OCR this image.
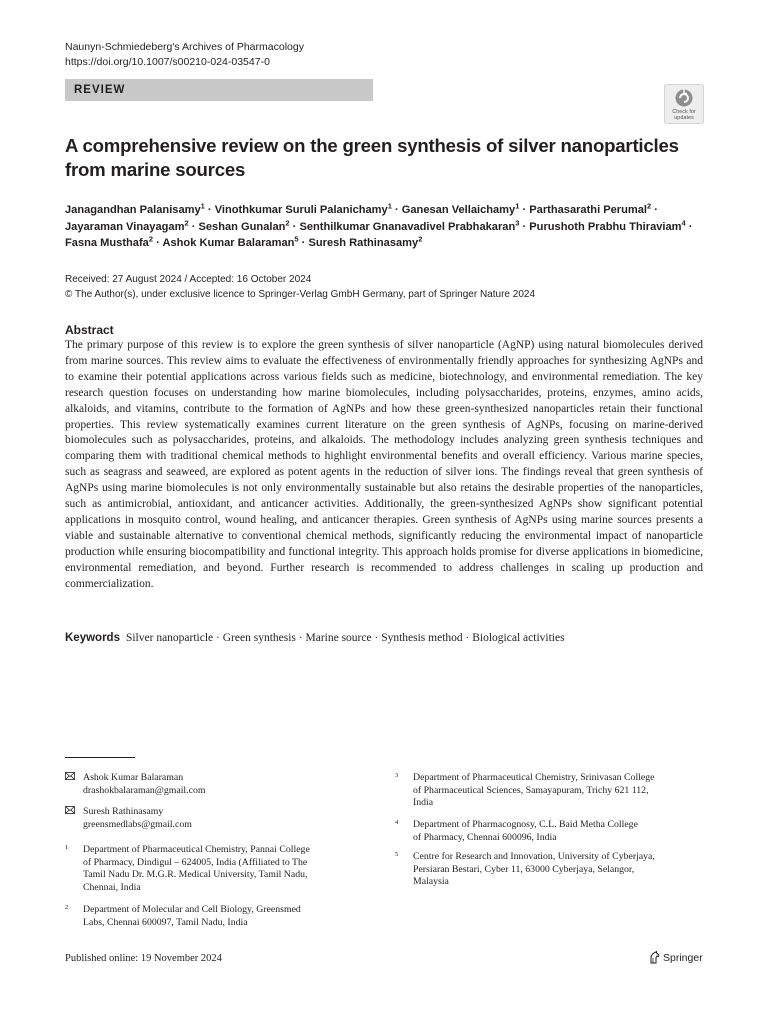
Naunyn-Schmiedeberg's Archives of Pharmacology
https://doi.org/10.1007/s00210-024-03547-0
REVIEW
Check for
updates
A comprehensive review on the green synthesis of silver nanoparticles from marine sources
Janagandhan Palanisamy$^1$ · Vinothkumar Suruli Palanichamy$^1$ · Ganesan Vellaichamy$^1$ · Parthasarathi Perumal$^2$ ·
Jayaraman Vinayagam$^2$ · Seshan Gunalan$^2$ · Senthilkumar Gnanavadivel Prabhakaran$^3$ · Purushoth Prabhu Thiraviam$^4$ ·
Fasna Musthafa$^2$ · Ashok Kumar Balaraman$^5$ · Suresh Rathinasamy$^2$
Received: 27 August 2024 / Accepted: 16 October 2024
© The Author(s), under exclusive licence to Springer-Verlag GmbH Germany, part of Springer Nature 2024
Abstract

The primary purpose of this review is to explore the green synthesis of silver nanoparticle (AgNP) using natural biomolecules derived from marine sources. This review aims to evaluate the effectiveness of environmentally friendly approaches for synthesizing AgNPs and to examine their potential applications across various fields such as medicine, biotechnology, and environmental remediation. The key research question focuses on understanding how marine biomolecules, including polysaccharides, proteins, enzymes, amino acids, alkaloids, and vitamins, contribute to the formation of AgNPs and how these green-synthesized nanoparticles retain their functional properties. This review systematically examines current literature on the green synthesis of AgNPs, focusing on marine-derived biomolecules such as polysaccharides, proteins, and alkaloids. The methodology includes analyzing green synthesis techniques and comparing them with traditional chemical methods to highlight environmental benefits and overall efficiency. Various marine species, such as seagrass and seaweed, are explored as potent agents in the reduction of silver ions. The findings reveal that green synthesis of AgNPs using marine biomolecules is not only environmentally sustainable but also retains the desirable properties of the nanoparticles, such as antimicrobial, antioxidant, and anticancer activities. Additionally, the green-synthesized AgNPs show significant potential applications in mosquito control, wound healing, and anticancer therapies. Green synthesis of AgNPs using marine sources presents a viable and sustainable alternative to conventional chemical methods, significantly reducing the environmental impact of nanoparticle production while ensuring biocompatibility and functional integrity. This approach holds promise for diverse applications in biomedicine, environmental remediation, and beyond. Further research is recommended to address challenges in scaling up production and commercialization.

Keywords Silver nanoparticle · Green synthesis · Marine source · Synthesis method · Biological activities
Ashok Kumar Balaraman
drashokbalaraman@gmail.com
Suresh Rathinasamy
greensmedlabs@gmail.com
1 Department of Pharmaceutical Chemistry, Pannai College
of Pharmacy, Dindigul – 624005, India (Affiliated to The
Tamil Nadu Dr. M.G.R. Medical University, Tamil Nadu,
Chennai, India
2 Department of Molecular and Cell Biology, Greensmed
Labs, Chennai 600097, Tamil Nadu, India
3 Department of Pharmaceutical Chemistry, Srinivasan College
of Pharmaceutical Sciences, Samayapuram, Trichy 621 112,
India
4 Department of Pharmacognosy, C.L. Baid Metha College
of Pharmacy, Chennai 600096, India
5 Centre for Research and Innovation, University of Cyberjaya,
Persiaran Bestari, Cyber 11, 63000 Cyberjaya, Selangor,
Malaysia
Published online: 19 November 2024	Springer
